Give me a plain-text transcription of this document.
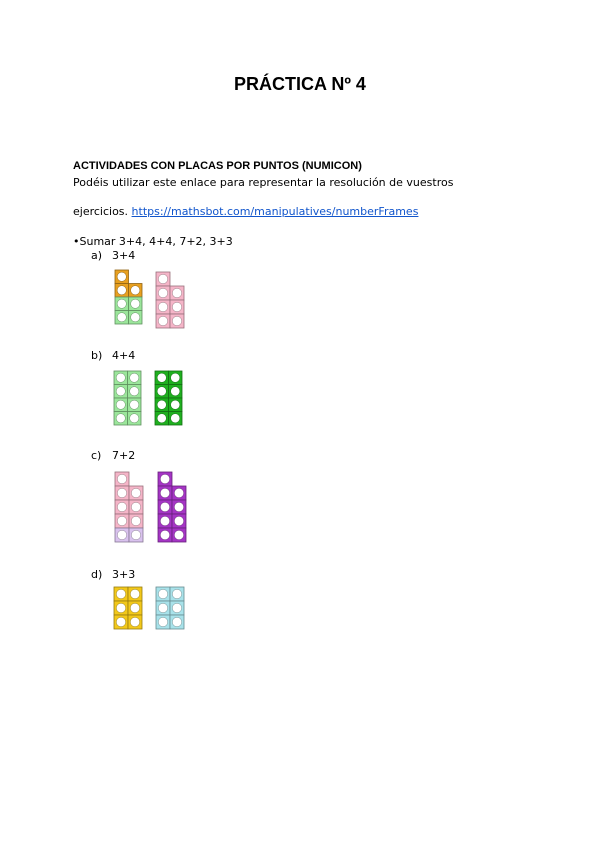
PRÁCTICA Nº 4
ACTIVIDADES CON PLACAS POR PUNTOS (NUMICON)
Podéis utilizar este enlace para representar la resolución de vuestros
ejercicios. https://mathsbot.com/manipulatives/numberFrames
•Sumar 3+4, 4+4, 7+2, 3+3
a) 3+4
b) 4+4
c) 7+2
d) 3+3
